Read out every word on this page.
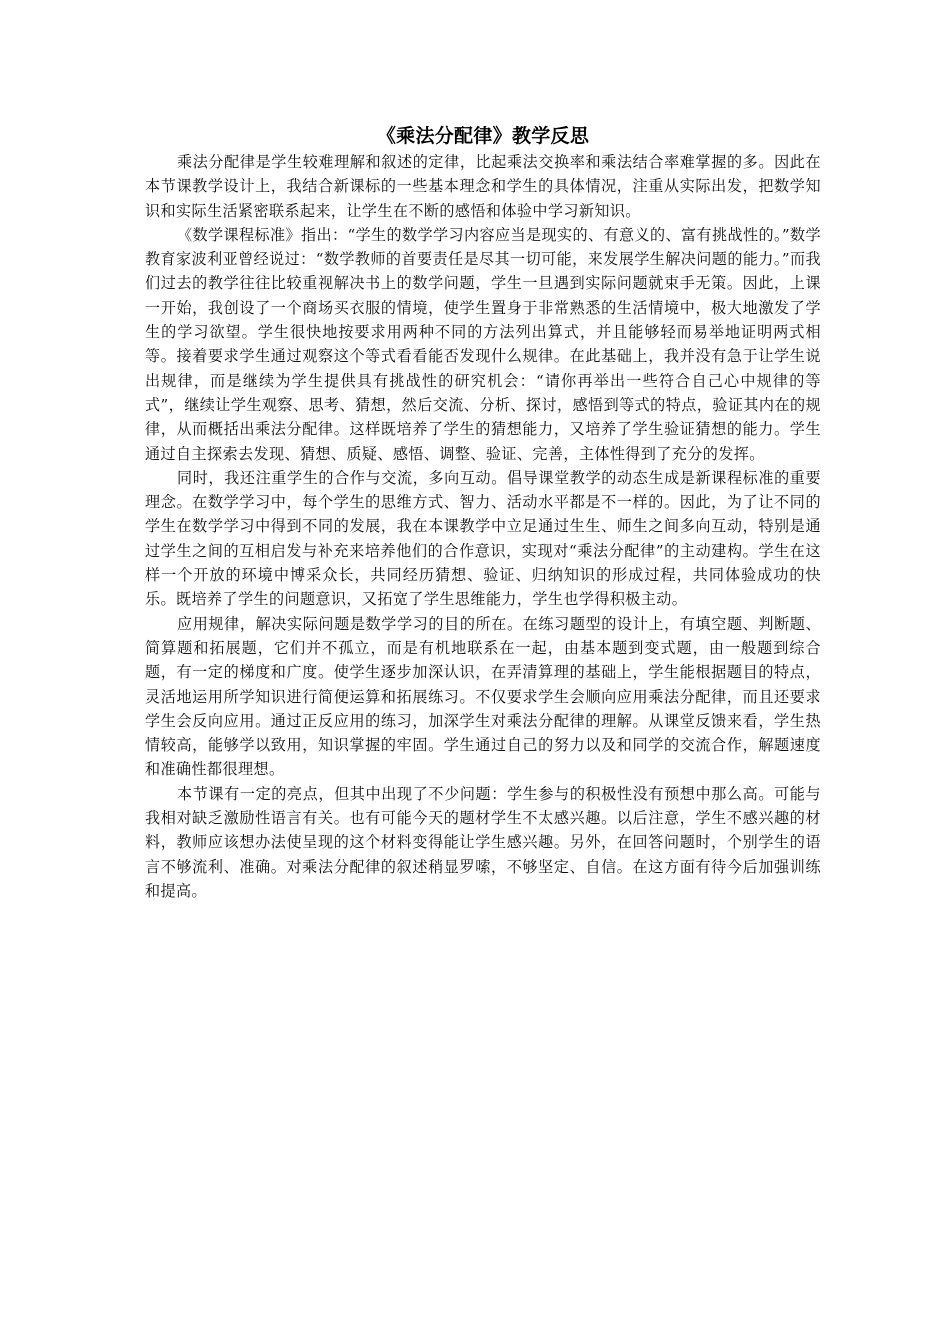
《乘法分配律》教学反思

乘法分配律是学生较难理解和叙述的定律，比起乘法交换率和乘法结合率难掌握的多。因此在本节课教学设计上，我结合新课标的一些基本理念和学生的具体情况，注重从实际出发，把数学知识和实际生活紧密联系起来，让学生在不断的感悟和体验中学习新知识。

《数学课程标准》指出：“学生的数学学习内容应当是现实的、有意义的、富有挑战性的。”数学教育家波利亚曾经说过：“数学教师的首要责任是尽其一切可能，来发展学生解决问题的能力。”而我们过去的教学往往比较重视解决书上的数学问题，学生一旦遇到实际问题就束手无策。因此，上课一开始，我创设了一个商场买衣服的情境，使学生置身于非常熟悉的生活情境中，极大地激发了学生的学习欲望。学生很快地按要求用两种不同的方法列出算式，并且能够轻而易举地证明两式相等。接着要求学生通过观察这个等式看看能否发现什么规律。在此基础上，我并没有急于让学生说出规律，而是继续为学生提供具有挑战性的研究机会：“请你再举出一些符合自己心中规律的等式”，继续让学生观察、思考、猜想，然后交流、分析、探讨，感悟到等式的特点，验证其内在的规律，从而概括出乘法分配律。这样既培养了学生的猜想能力，又培养了学生验证猜想的能力。学生通过自主探索去发现、猜想、质疑、感悟、调整、验证、完善，主体性得到了充分的发挥。

同时，我还注重学生的合作与交流，多向互动。倡导课堂教学的动态生成是新课程标准的重要理念。在数学学习中，每个学生的思维方式、智力、活动水平都是不一样的。因此，为了让不同的学生在数学学习中得到不同的发展，我在本课教学中立足通过生生、师生之间多向互动，特别是通过学生之间的互相启发与补充来培养他们的合作意识，实现对“乘法分配律”的主动建构。学生在这样一个开放的环境中博采众长，共同经历猜想、验证、归纳知识的形成过程，共同体验成功的快乐。既培养了学生的问题意识，又拓宽了学生思维能力，学生也学得积极主动。

应用规律，解决实际问题是数学学习的目的所在。在练习题型的设计上，有填空题、判断题、简算题和拓展题，它们并不孤立，而是有机地联系在一起，由基本题到变式题，由一般题到综合题，有一定的梯度和广度。使学生逐步加深认识，在弄清算理的基础上，学生能根据题目的特点，灵活地运用所学知识进行简便运算和拓展练习。不仅要求学生会顺向应用乘法分配律，而且还要求学生会反向应用。通过正反应用的练习，加深学生对乘法分配律的理解。从课堂反馈来看，学生热情较高，能够学以致用，知识掌握的牢固。学生通过自己的努力以及和同学的交流合作，解题速度和准确性都很理想。

本节课有一定的亮点，但其中出现了不少问题：学生参与的积极性没有预想中那么高。可能与我相对缺乏激励性语言有关。也有可能今天的题材学生不太感兴趣。以后注意，学生不感兴趣的材料，教师应该想办法使呈现的这个材料变得能让学生感兴趣。另外，在回答问题时，个别学生的语言不够流利、准确。对乘法分配律的叙述稍显罗嗦，不够坚定、自信。在这方面有待今后加强训练和提高。
